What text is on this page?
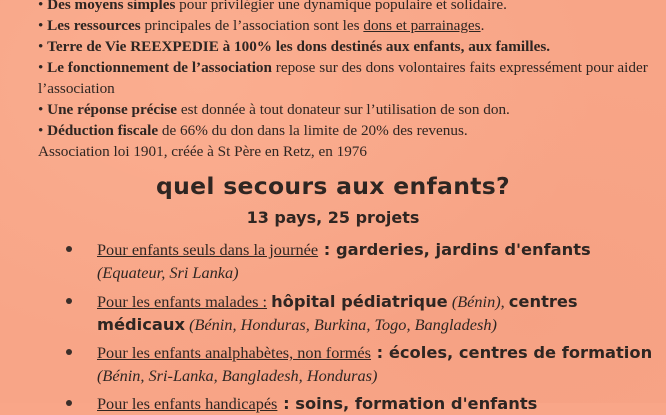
• Des moyens simples pour privilégier une dynamique populaire et solidaire.
• Les ressources principales de l’association sont les dons et parrainages.
• Terre de Vie REEXPEDIE à 100% les dons destinés aux enfants, aux familles.
• Le fonctionnement de l’association repose sur des dons volontaires faits expressément pour aider l’association
• Une réponse précise est donnée à tout donateur sur l’utilisation de son don.
• Déduction fiscale de 66% du don dans la limite de 20% des revenus.
Association loi 1901, créée à St Père en Retz, en 1976
quel secours aux enfants?
13 pays, 25 projets
Pour enfants seuls dans la journée : garderies, jardins d'enfants
(Equateur, Sri Lanka)
Pour les enfants malades : hôpital pédiatrique (Bénin), centres médicaux (Bénin, Honduras, Burkina, Togo, Bangladesh)
Pour les enfants analphabètes, non formés : écoles, centres de formation (Bénin, Sri-Lanka, Bangladesh, Honduras)
Pour les enfants handicapés : soins, formation d'enfants
